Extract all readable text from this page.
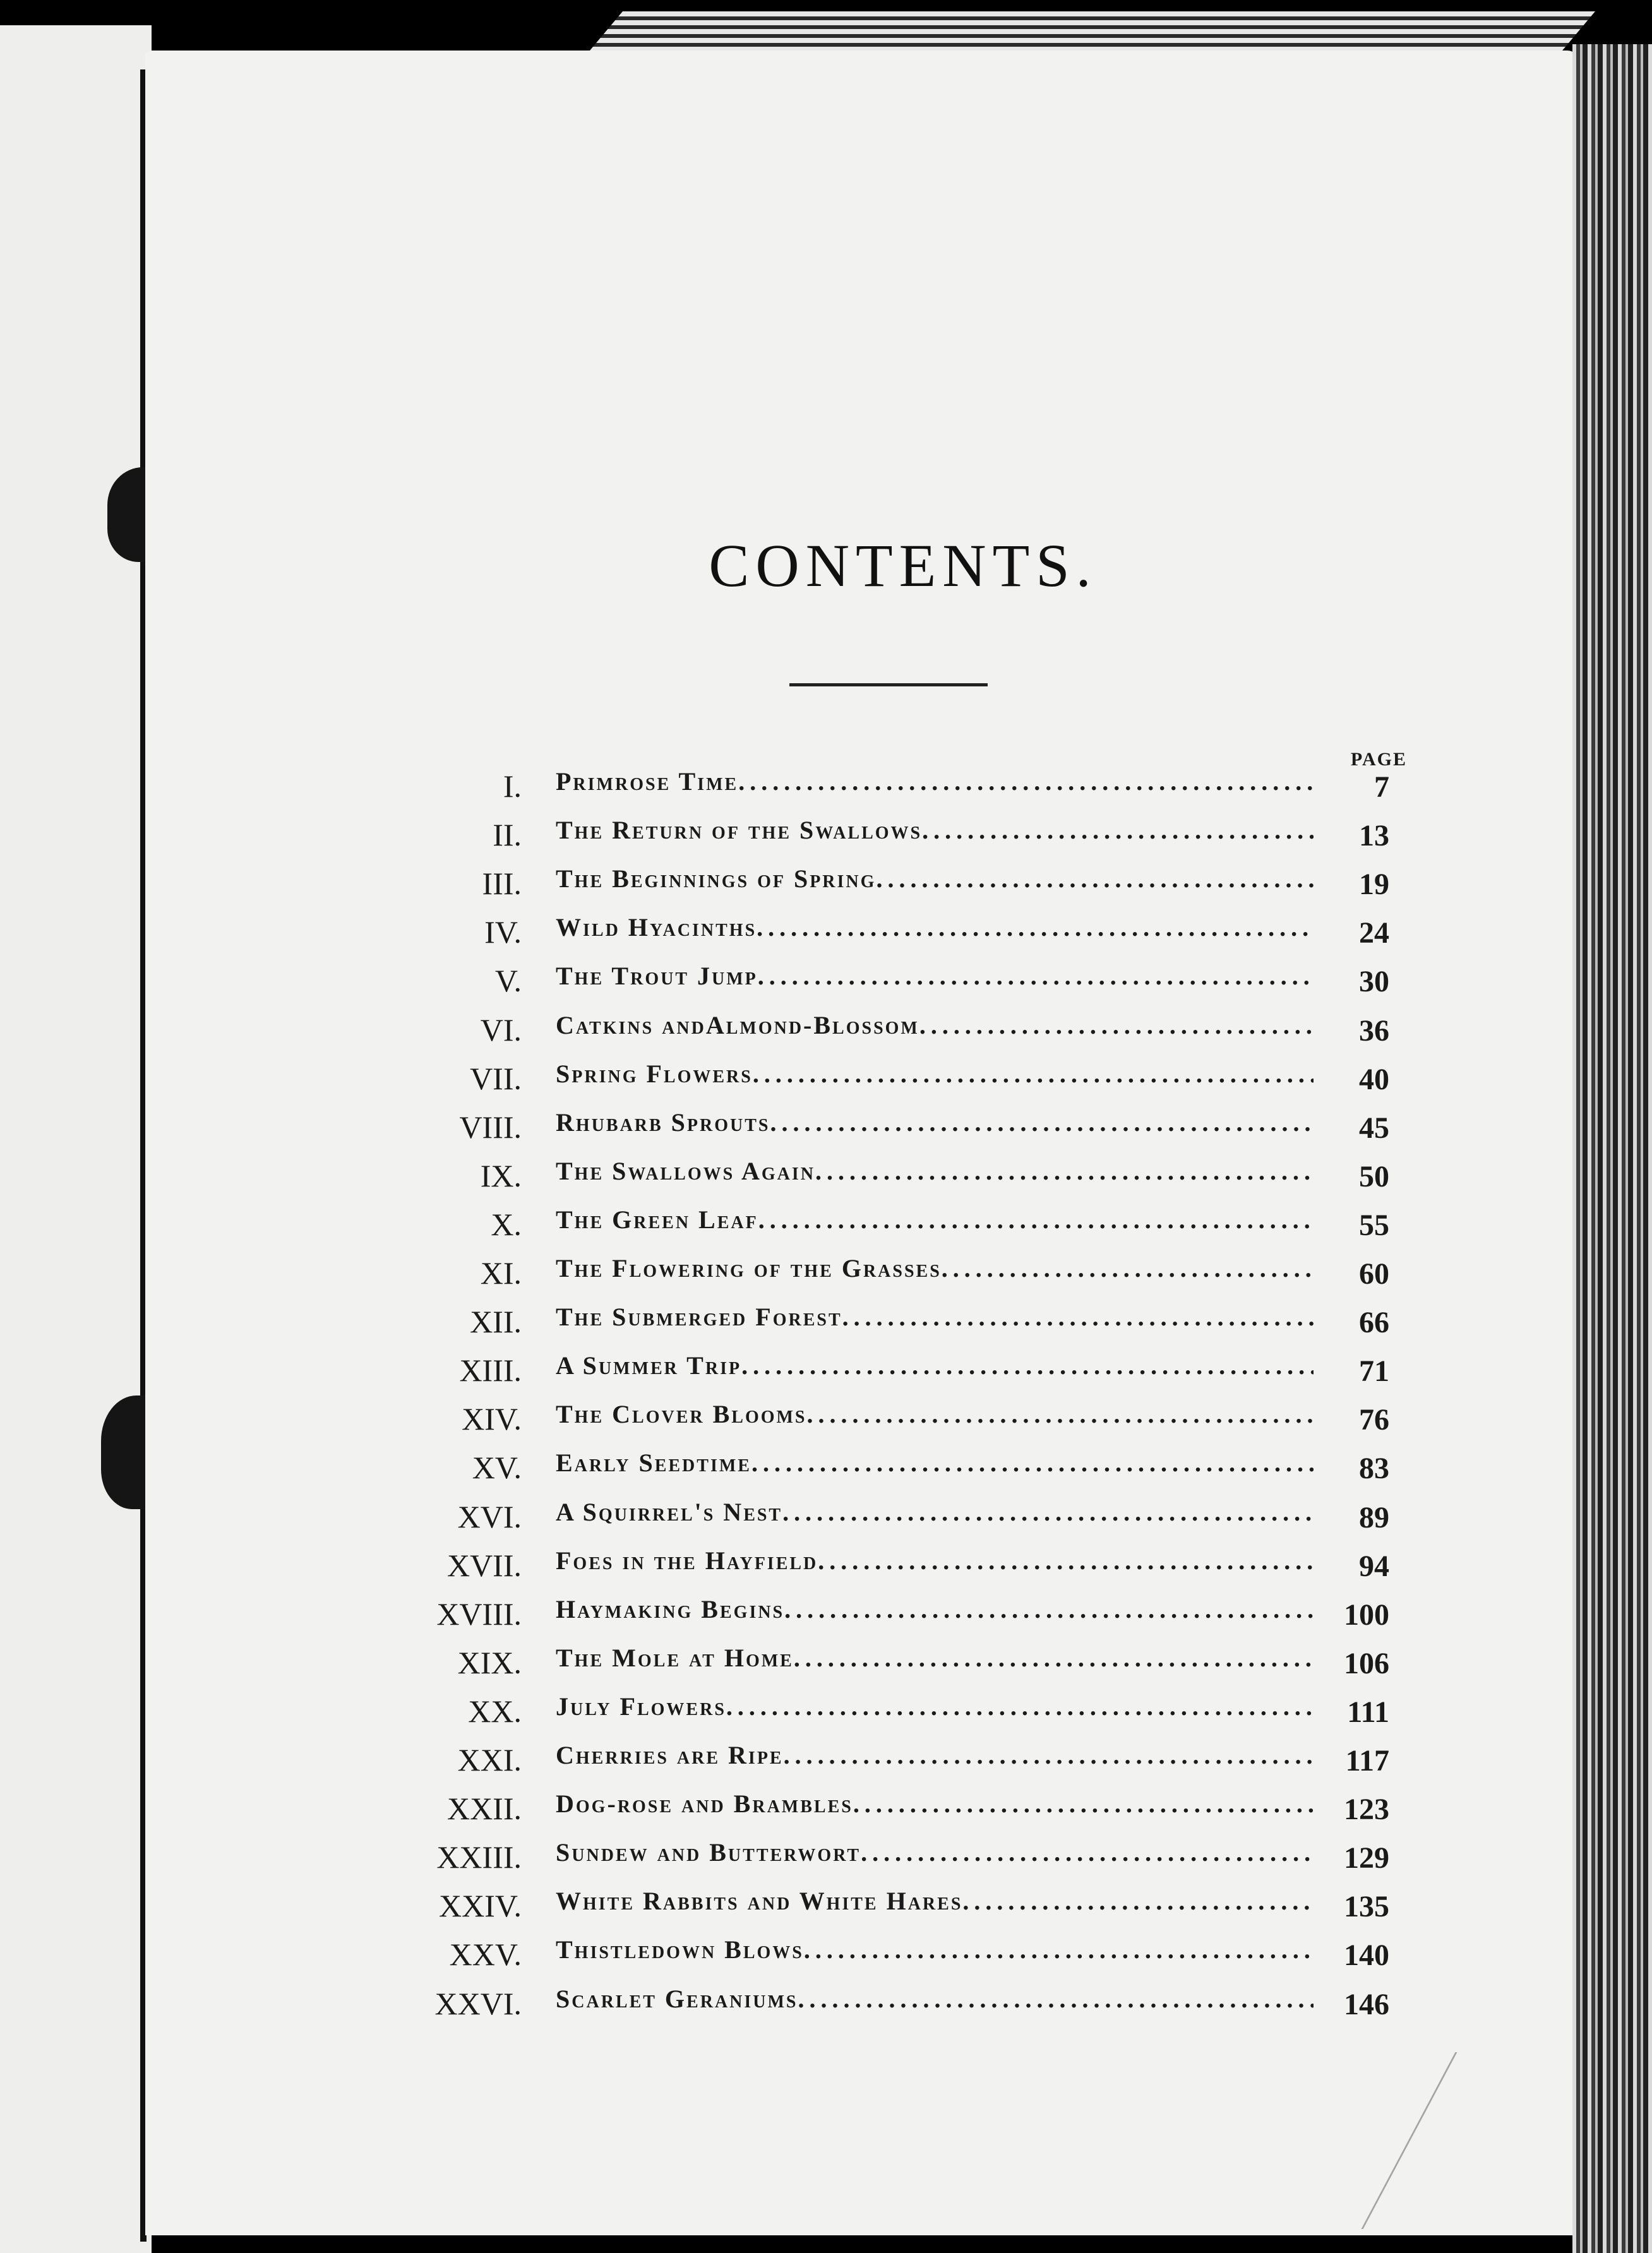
CONTENTS.
PAGE
I. Primrose Time .....	7
II. The Return of the Swallows .....	13
III. The Beginnings of Spring .....	19
IV. Wild Hyacinths .....	24
V. The Trout Jump .....	30
VI. Catkins andAlmond-Blossom .....	36
VII. Spring Flowers .....	40
VIII. Rhubarb Sprouts .....	45
IX. The Swallows Again .....	50
X. The Green Leaf .....	55
XI. The Flowering of the Grasses .....	60
XII. The Submerged Forest .....	66
XIII. A Summer Trip .....	71
XIV. The Clover Blooms .....	76
XV. Early Seedtime .....	83
XVI. A Squirrel's Nest .....	89
XVII. Foes in the Hayfield .....	94
XVIII. Haymaking Begins .....	100
XIX. The Mole at Home .....	106
XX. July Flowers .....	111
XXI. Cherries are Ripe .....	117
XXII. Dog-rose and Brambles .....	123
XXIII. Sundew and Butterwort .....	129
XXIV. White Rabbits and White Hares .....	135
XXV. Thistledown Blows .....	140
XXVI. Scarlet Geraniums .....	146
